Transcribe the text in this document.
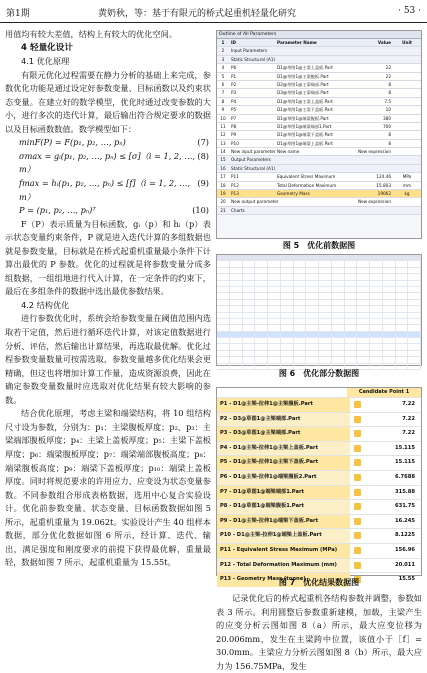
第1期	黄奶秋，等：基于有限元的桥式起重机轻量化研究	· 53 ·

用值均有较大差值，结构上有较大的优化空间。

4 轻量化设计

4.1 优化原理

有限元优化过程需要在静力分析的基础上来完成，参数优化功能是通过设定好参数变量、目标函数以及约束状态变量。在建立好的数学模型，优化时通过改变参数的大小，进行多次的迭代计算，最后输出符合规定要求的数据以及目标函数数值。数学模型如下：

minF(P) = F(p₁, p₂, …, pₙ)	(7)
σmax = gᵢ(p₁, p₂, …, pₙ) ≤ [σ]（i = 1, 2, …, m）
(8)
fmax = hᵢ(p₁, p₂, …, pₙ) ≤ [f]（i = 1, 2, …, m）
(9)
P = (p₁, p₂, …, pₙ)ᵀ	(10)

F（P）表示质量为目标函数，gᵢ（p）和 hᵢ（p）表示状态变量约束条件，P 就是进入迭代计算的多组数据也就是参数变量，目标就是在桥式起重机重量最小条件下计算出最优的 P 参数。优化的过程就是将参数变量分成多组数据，一组组地进行代入计算，在一定条件的约束下，最后在多组条件的数据中选出最优参数结果。

4.2 结构优化

进行参数优化时，系统会给参数变量在阈值范围内选取若干定值，然后进行循环迭代计算，对该定值数据进行分析、评估，然后输出计算结果，再选取最优解。优化过程参数变量数量可按需选取，参数变量越多优化结果会更精确，但这也将增加计算工作量，造成资源浪费，因此在确定参数变量数量时应选取对优化结果有较大影响的参数。

结合优化原理，考虑主梁和端梁结构，将 10 组结构尺寸设为参数，分别为：p₁：主梁腹板厚度；p₂、p₃：主梁端部腹板厚度；p₄：主梁上盖板厚度；p₅：主梁下盖板厚度；p₆：端梁腹板厚度；p₇：端梁端部腹板高度；p₈：端梁腹板高度；p₉：端梁下盖板厚度；p₁₀：端梁上盖板厚度。同时将规范要求的许用应力、应变设为状态变量参数。不同参数组合形成表格数据，选用中心复合实验设计。优化前参数变量、状态变量、目标函数数据如图 5 所示，起重机重量为 19.062t。实验设计产生 40 组样本数据，部分优化数据如图 6 所示，经计算、迭代、输出，满足强度和刚度要求的前提下获得最优解，重量最轻，数据如图 7 所示，起重机重量为 15.55t。

Outline of All Parameters
1	ID	Parameter Name	Value	Unit
2	Input Parameters
3	Static Structural (A1)
4	P6	D1@草图1@主梁上盖板.Part	22
5	P1	D1@草图1@主梁腹板.Part	22
6	P2	D2@草图1@主梁端部.Part	8
7	P3	D3@草图1@主梁端部.Part	8
8	P4	D1@草图1@主梁上盖板.Part	7.5
9	P5	D1@草图1@主梁下盖板.Part	10
10	P7	D1@草图1@端梁腹板.Part	380
11	P8	D1@草图1@端梁端部1.Part	700
12	P9	D1@草图1@端梁下盖板.Part	8
13	P10	D1@草图1@端梁上盖板.Part	8
14	New input parameter New name	New expression
15	Output Parameters
16	Static Structural (A1)
17	P11	Equivalent Stress Maximum	124.46	MPa
18	P12	Total Deformation Maximum	15.803	mm
19	P13	Geometry Mass	19062	kg
20	New output parameter	New expression
21	Charts
图 5　优化前数据图
图 6　优化部分数据图
Candidate Point 1
P1 - D1@主梁-拉伸1@主梁腹板.Part	7.22
P2 - D3@草图1@主梁端部.Part	7.22
P3 - D3@草图1@主梁端部.Part	7.22
P4 - D1@主梁-拉伸1@主梁上盖板.Part	15.115
P5 - D1@主梁-拉伸1@主梁下盖板.Part	15.115
P6 - D1@主梁-拉伸1@端梁腹板2.Part	6.7688
P7 - D1@草图1@端梁端部1.Part	315.88
P8 - D1@草图1@端梁腹板1.Part	631.75
P9 - D1@主梁-拉伸1@端梁下盖板.Part	16.245
P10 - D1@主梁-拉伸1@端梁上盖板.Part	8.1225
P11 - Equivalent Stress Maximum (MPa)	156.96
P12 - Total Deformation Maximum (mm)	20.011
P13 - Geometry Mass (tonne)	15.55
图 7　优化结果数据图

记录优化后的桥式起重机各结构参数并调整，参数如表 3 所示。利用圆整后参数重新建模，加载，主梁产生的应变分析云图如图 8（a）所示，最大应变位移为 20.006mm，发生在主梁跨中位置，该值小于［f］= 30.0mm。主梁应力分析云图如图 8（b）所示，最大应力为 156.75MPa，发生
